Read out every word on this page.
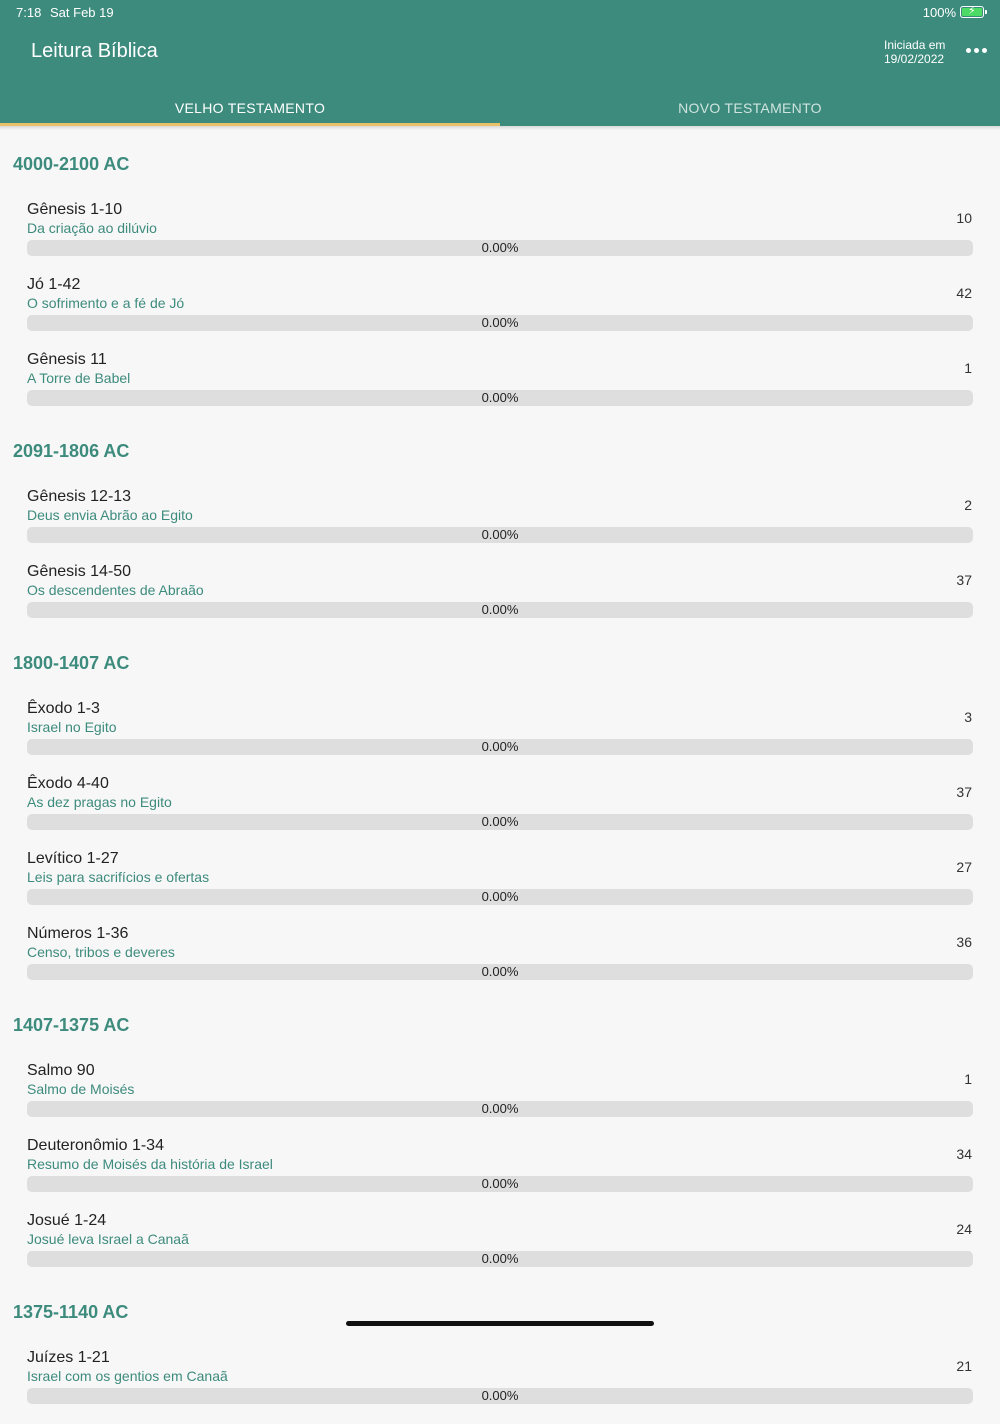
7:18 Sat Feb 19	100% ⚡
Leitura Bíblica	Iniciada em
19/02/2022
VELHO TESTAMENTO	NOVO TESTAMENTO
4000-2100 AC
Gênesis 1-10
Da criação ao dilúvio
10
0.00%
Jó 1-42
O sofrimento e a fé de Jó
42
0.00%
Gênesis 11
A Torre de Babel
1
0.00%
2091-1806 AC
Gênesis 12-13
Deus envia Abrão ao Egito
2
0.00%
Gênesis 14-50
Os descendentes de Abraão
37
0.00%
1800-1407 AC
Êxodo 1-3
Israel no Egito
3
0.00%
Êxodo 4-40
As dez pragas no Egito
37
0.00%
Levítico 1-27
Leis para sacrifícios e ofertas
27
0.00%
Números 1-36
Censo, tribos e deveres
36
0.00%
1407-1375 AC
Salmo 90
Salmo de Moisés
1
0.00%
Deuteronômio 1-34
Resumo de Moisés da história de Israel
34
0.00%
Josué 1-24
Josué leva Israel a Canaã
24
0.00%
1375-1140 AC
Juízes 1-21
Israel com os gentios em Canaã
21
0.00%
